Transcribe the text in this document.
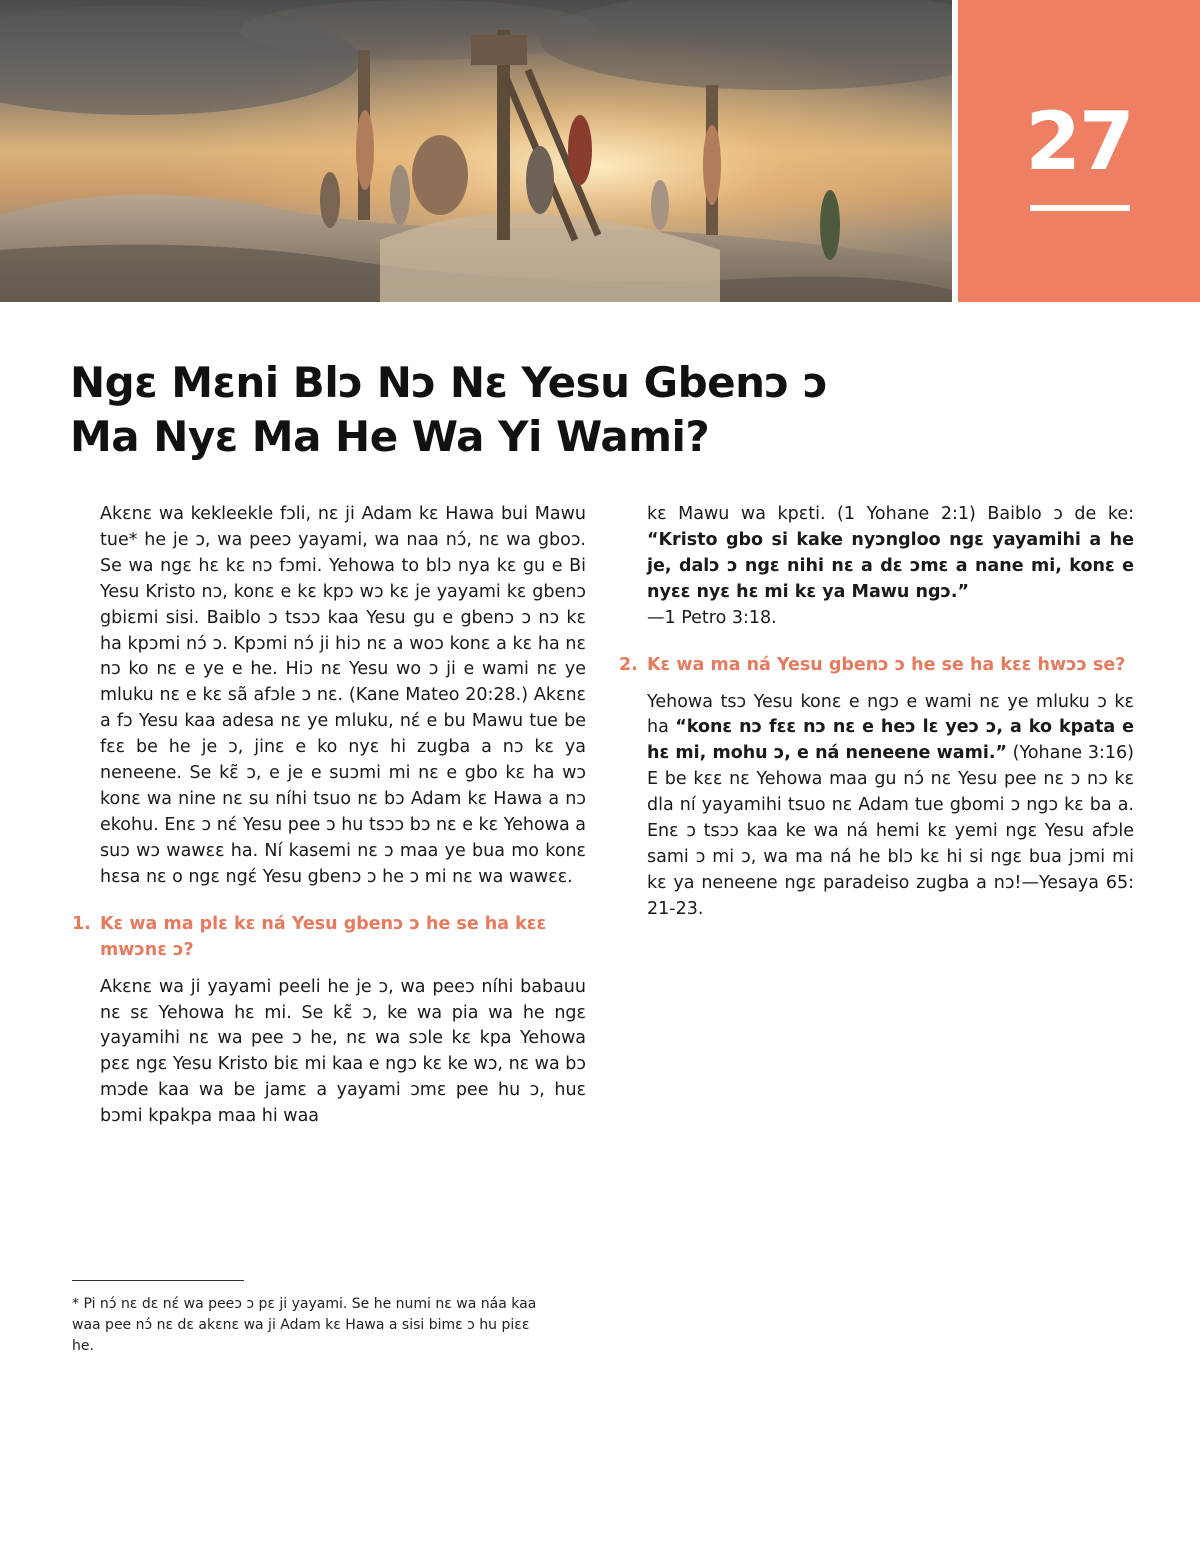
27
Ngɛ Mɛni Blɔ Nɔ Nɛ Yesu Gbenɔ ɔ
Ma Nyɛ Ma He Wa Yi Wami?

Akɛnɛ wa kekleekle fɔli, nɛ ji Adam kɛ Hawa bui Mawu tue* he je ɔ, wa peeɔ yayami, wa naa nɔ́, nɛ wa gboɔ. Se wa ngɛ hɛ kɛ nɔ fɔmi. Yehowa to blɔ nya kɛ gu e Bi Yesu Kristo nɔ, konɛ e kɛ kpɔ wɔ kɛ je yayami kɛ gbenɔ gbiɛmi sisi. Baiblo ɔ tsɔɔ kaa Yesu gu e gbenɔ ɔ nɔ kɛ ha kpɔmi nɔ́ ɔ. Kpɔmi nɔ́ ji hiɔ nɛ a woɔ konɛ a kɛ ha nɛ nɔ ko nɛ e ye e he. Hiɔ nɛ Yesu wo ɔ ji e wami nɛ ye mluku nɛ e kɛ sã afɔle ɔ nɛ. (Kane Mateo 20:28.) Akɛnɛ a fɔ Yesu kaa adesa nɛ ye mluku, nɛ́ e bu Mawu tue be fɛɛ be he je ɔ, jinɛ e ko nyɛ hi zugba a nɔ kɛ ya neneene. Se kɛ̃ ɔ, e je e suɔmi mi nɛ e gbo kɛ ha wɔ konɛ wa nine nɛ su níhi tsuo nɛ bɔ Adam kɛ Hawa a nɔ ekohu. Enɛ ɔ nɛ́ Yesu pee ɔ hu tsɔɔ bɔ nɛ e kɛ Yehowa a suɔ wɔ wawɛɛ ha. Ní kasemi nɛ ɔ maa ye bua mo konɛ hɛsa nɛ o ngɛ ngɛ́ Yesu gbenɔ ɔ he ɔ mi nɛ wa wawɛɛ.

1. Kɛ wa ma plɛ kɛ ná Yesu gbenɔ ɔ he se ha kɛɛ mwɔnɛ ɔ?

Akɛnɛ wa ji yayami peeli he je ɔ, wa peeɔ níhi babauu nɛ sɛ Yehowa hɛ mi. Se kɛ̃ ɔ, ke wa pia wa he ngɛ yayamihi nɛ wa pee ɔ he, nɛ wa sɔle kɛ kpa Yehowa pɛɛ ngɛ Yesu Kristo biɛ mi kaa e ngɔ kɛ ke wɔ, nɛ wa bɔ mɔde kaa wa be jamɛ a yayami ɔmɛ pee hu ɔ, huɛ bɔmi kpakpa maa hi waa

kɛ Mawu wa kpɛti. (1 Yohane 2:1) Baiblo ɔ de ke: “Kristo gbo si kake nyɔngloo ngɛ yayamihi a he je, dalɔ ɔ ngɛ nihi nɛ a dɛ ɔmɛ a nane mi, konɛ e nyɛɛ nyɛ hɛ mi kɛ ya Mawu ngɔ.”
—1 Petro 3:18.

2. Kɛ wa ma ná Yesu gbenɔ ɔ he se ha kɛɛ hwɔɔ se?

Yehowa tsɔ Yesu konɛ e ngɔ e wami nɛ ye mluku ɔ kɛ ha “konɛ nɔ fɛɛ nɔ nɛ e heɔ lɛ yeɔ ɔ, a ko kpata e hɛ mi, mohu ɔ, e ná neneene wami.” (Yohane 3:16) E be kɛɛ nɛ Yehowa maa gu nɔ́ nɛ Yesu pee nɛ ɔ nɔ kɛ dla ní yayamihi tsuo nɛ Adam tue gbomi ɔ ngɔ kɛ ba a. Enɛ ɔ tsɔɔ kaa ke wa ná hemi kɛ yemi ngɛ Yesu afɔle sami ɔ mi ɔ, wa ma ná he blɔ kɛ hi si ngɛ bua jɔmi mi kɛ ya neneene ngɛ paradeiso zugba a nɔ!—Yesaya 65: 21-23.

* Pi nɔ́ nɛ dɛ nɛ́ wa peeɔ ɔ pɛ ji yayami. Se he numi nɛ wa náa kaa waa pee nɔ́ nɛ dɛ akɛnɛ wa ji Adam kɛ Hawa a sisi bimɛ ɔ hu piɛɛ he.
